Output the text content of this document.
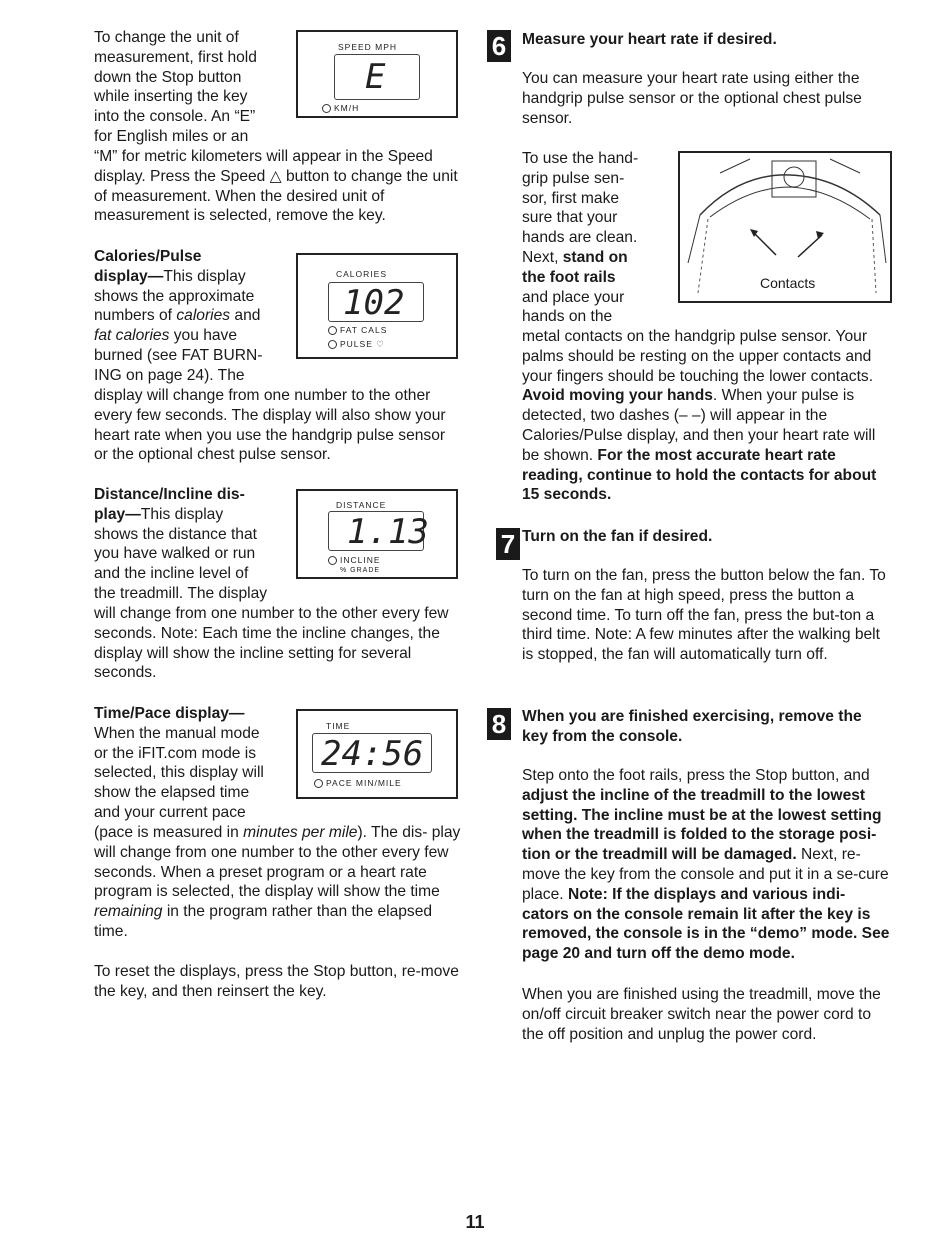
To change the unit of
measurement, first hold
down the Stop button
while inserting the key
into the console. An “E”
for English miles or an

“M” for metric kilometers will appear in the Speed display. Press the Speed △ button to change the unit of measurement. When the desired unit of measurement is selected, remove the key.

SPEED MPH
E
KM/H
Calories/Pulse
display—This display
shows the approximate
numbers of calories and
fat calories you have
burned (see FAT BURN-
ING on page 24). The

display will change from one number to the other every few seconds. The display will also show your heart rate when you use the handgrip pulse sensor or the optional chest pulse sensor.

CALORIES
102
FAT CALS
PULSE ♡
Distance/Incline dis-
play—This display
shows the distance that
you have walked or run
and the incline level of
the treadmill. The display

will change from one number to the other every few seconds. Note: Each time the incline changes, the display will show the incline setting for several seconds.

DISTANCE
1.13
INCLINE
% GRADE
Time/Pace display—
When the manual mode
or the iFIT.com mode is
selected, this display will
show the elapsed time
and your current pace

(pace is measured in minutes per mile). The dis- play will change from one number to the other every few seconds. When a preset program or a heart rate program is selected, the display will show the time remaining in the program rather than the elapsed time.

TIME
24:56
PACE MIN/MILE

To reset the displays, press the Stop button, re-move the key, and then reinsert the key.

6	Measure your heart rate if desired.

You can measure your heart rate using either the handgrip pulse sensor or the optional chest pulse sensor.

To use the hand-
grip pulse sen-
sor, first make
sure that your
hands are clean.
Next, stand on
the foot rails
and place your
hands on the

metal contacts on the handgrip pulse sensor. Your palms should be resting on the upper contacts and your fingers should be touching the lower contacts. Avoid moving your hands. When your pulse is detected, two dashes (– –) will appear in the Calories/Pulse display, and then your heart rate will be shown. For the most accurate heart rate reading, continue to hold the contacts for about 15 seconds.

Contacts
7 Turn on the fan if desired.

To turn on the fan, press the button below the fan. To turn on the fan at high speed, press the button a second time. To turn off the fan, press the but-ton a third time. Note: A few minutes after the walking belt is stopped, the fan will automatically turn off.

8	When you are finished exercising, remove the
key from the console.

Step onto the foot rails, press the Stop button, and adjust the incline of the treadmill to the lowest setting. The incline must be at the lowest setting when the treadmill is folded to the storage posi-tion or the treadmill will be damaged. Next, re-move the key from the console and put it in a se-cure place. Note: If the displays and various indi-cators on the console remain lit after the key is removed, the console is in the “demo” mode. See page 20 and turn off the demo mode.

When you are finished using the treadmill, move the on/off circuit breaker switch near the power cord to the off position and unplug the power cord.

11
